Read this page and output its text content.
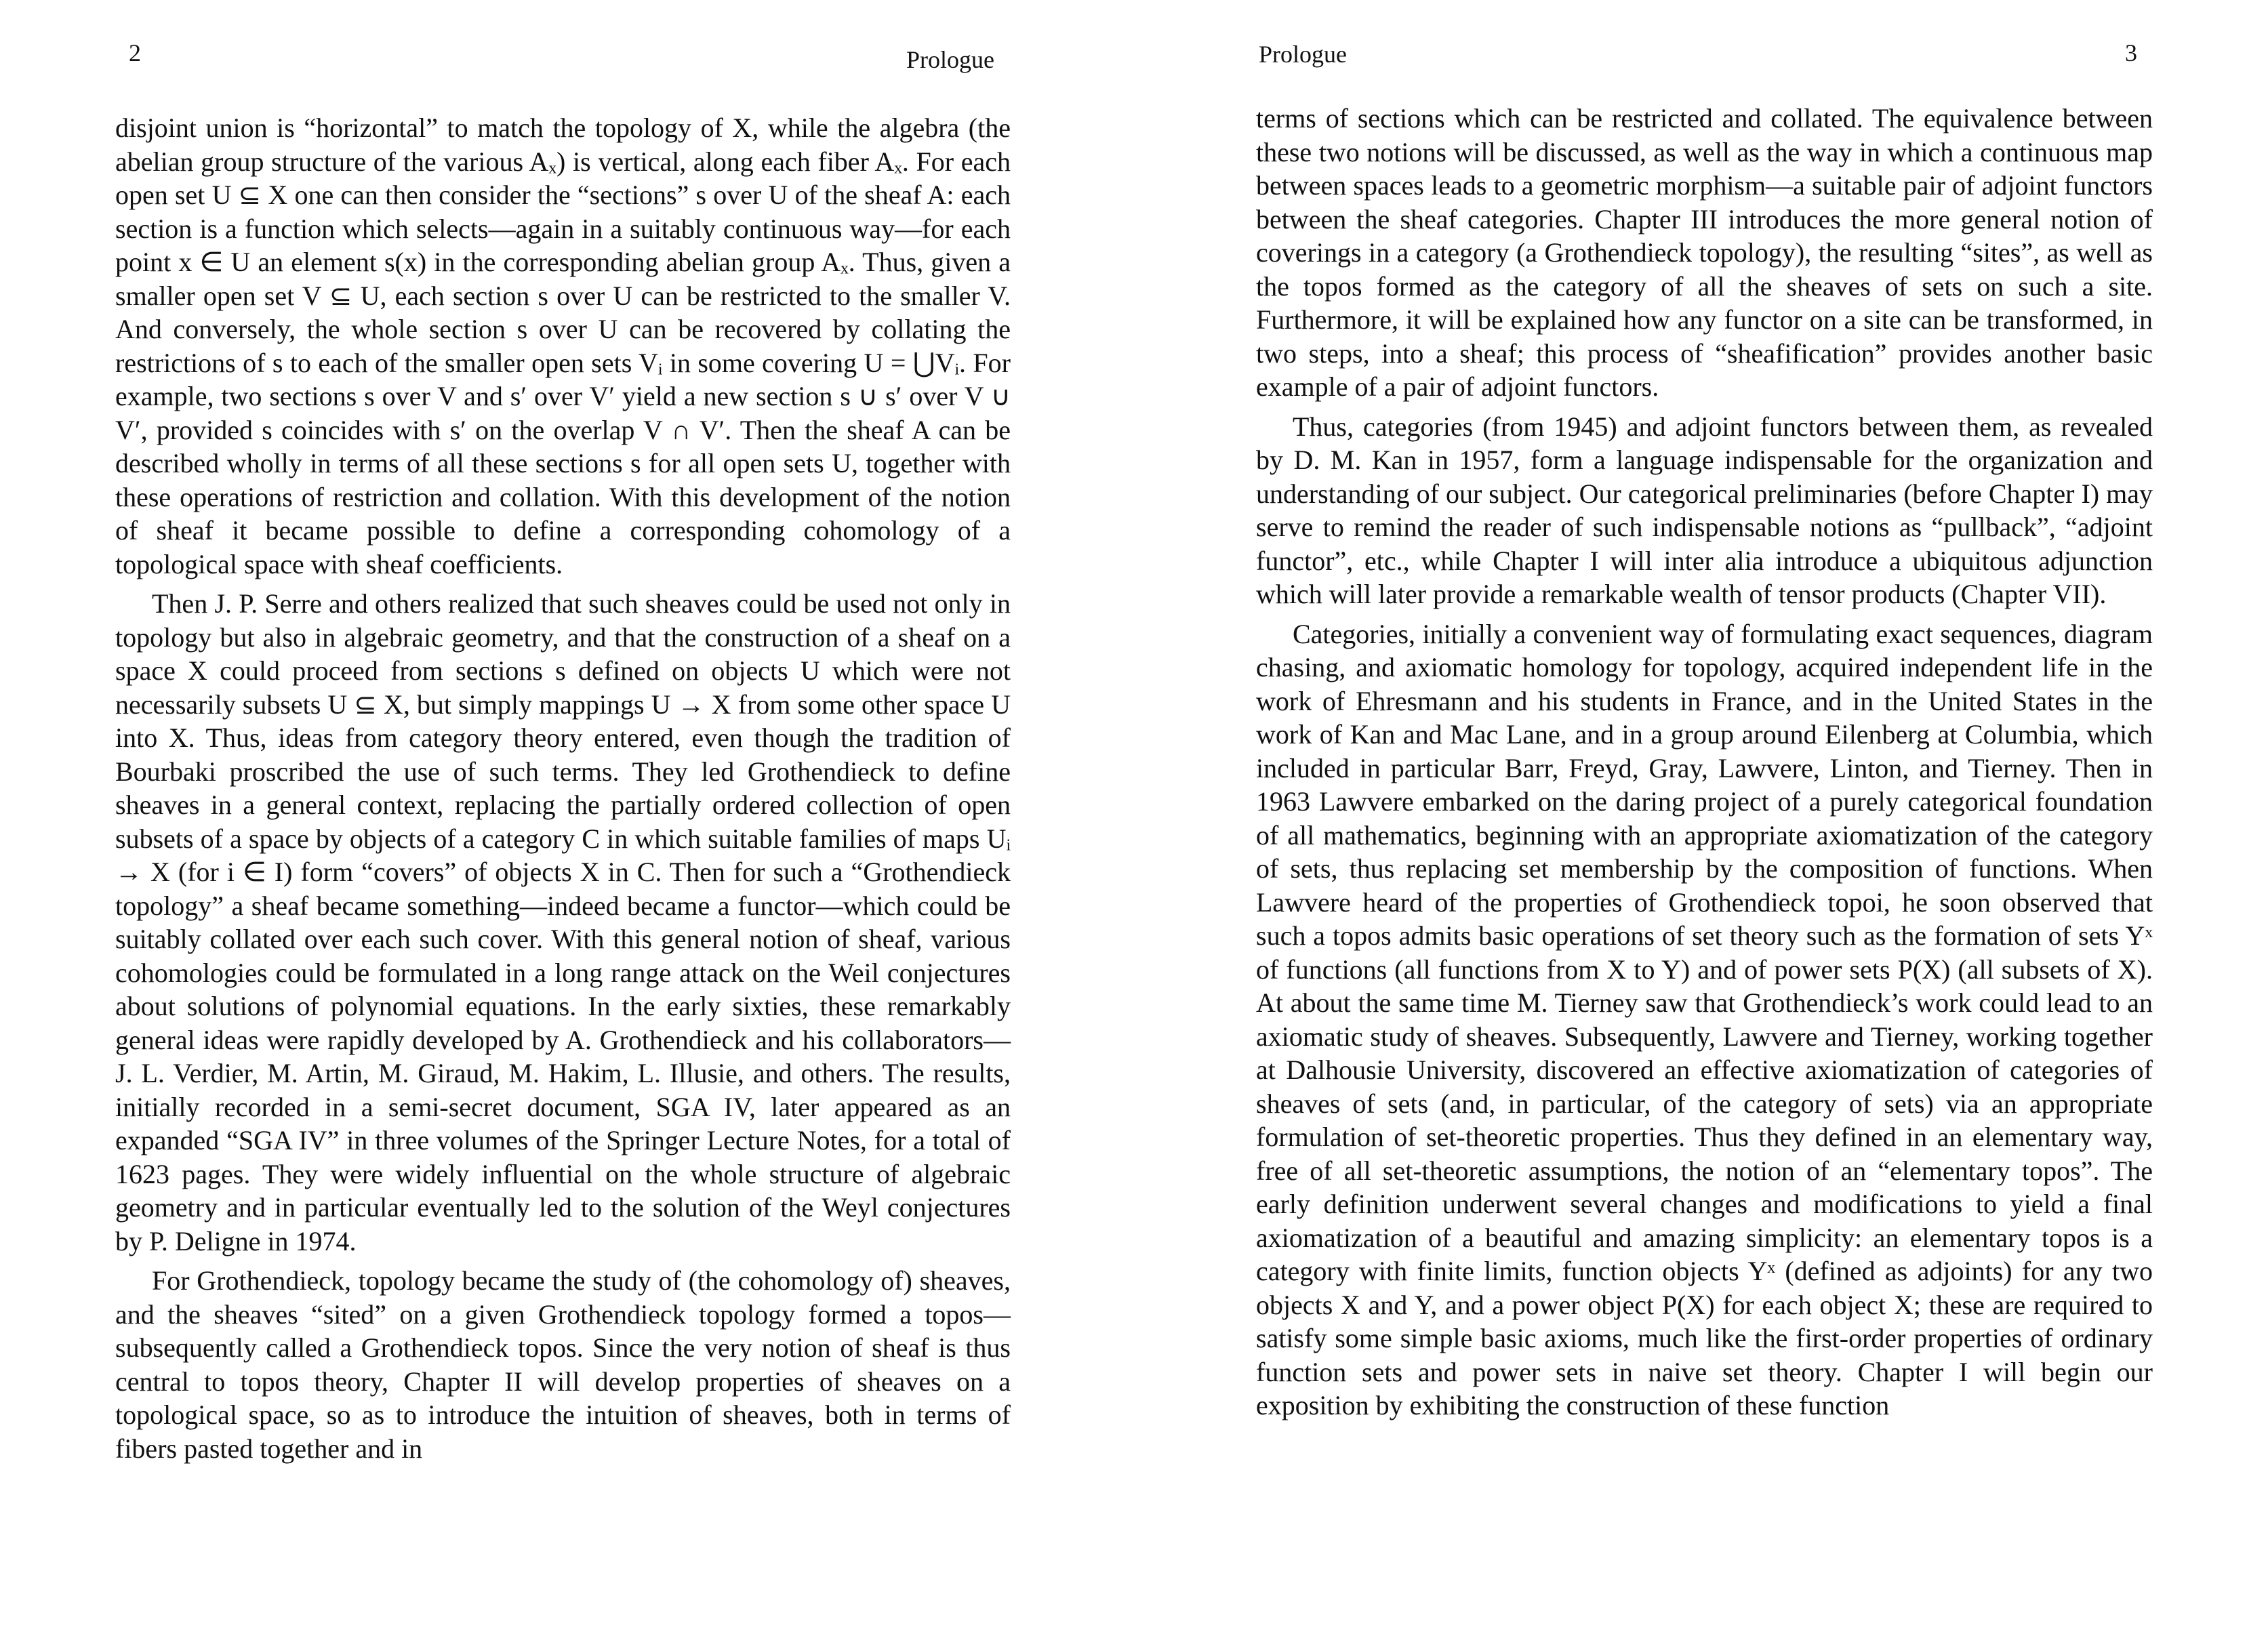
2	Prologue

disjoint union is “horizontal” to match the topology of X, while the algebra (the abelian group structure of the various Aₓ) is vertical, along each fiber Aₓ. For each open set U ⊆ X one can then consider the “sections” s over U of the sheaf A: each section is a function which selects—again in a suitably continuous way—for each point x ∈ U an element s(x) in the corresponding abelian group Aₓ. Thus, given a smaller open set V ⊆ U, each section s over U can be restricted to the smaller V. And conversely, the whole section s over U can be recovered by collating the restrictions of s to each of the smaller open sets Vᵢ in some covering U = ⋃Vᵢ. For example, two sections s over V and s′ over V′ yield a new section s ∪ s′ over V ∪ V′, provided s coincides with s′ on the overlap V ∩ V′. Then the sheaf A can be described wholly in terms of all these sections s for all open sets U, together with these operations of restriction and collation. With this development of the notion of sheaf it became possible to define a corresponding cohomology of a topological space with sheaf coefficients.

Then J. P. Serre and others realized that such sheaves could be used not only in topology but also in algebraic geometry, and that the construction of a sheaf on a space X could proceed from sections s defined on objects U which were not necessarily subsets U ⊆ X, but simply mappings U → X from some other space U into X. Thus, ideas from category theory entered, even though the tradition of Bourbaki proscribed the use of such terms. They led Grothendieck to define sheaves in a general context, replacing the partially ordered collection of open subsets of a space by objects of a category C in which suitable families of maps Uᵢ → X (for i ∈ I) form “covers” of objects X in C. Then for such a “Grothendieck topology” a sheaf became something—indeed became a functor—which could be suitably collated over each such cover. With this general notion of sheaf, various cohomologies could be formulated in a long range attack on the Weil conjectures about solutions of polynomial equations. In the early sixties, these remarkably general ideas were rapidly developed by A. Grothendieck and his collaborators—J. L. Verdier, M. Artin, M. Giraud, M. Hakim, L. Illusie, and others. The results, initially recorded in a semi-secret document, SGA IV, later appeared as an expanded “SGA IV” in three volumes of the Springer Lecture Notes, for a total of 1623 pages. They were widely influential on the whole structure of algebraic geometry and in particular eventually led to the solution of the Weyl conjectures by P. Deligne in 1974.

For Grothendieck, topology became the study of (the cohomology of) sheaves, and the sheaves “sited” on a given Grothendieck topology formed a topos—subsequently called a Grothendieck topos. Since the very notion of sheaf is thus central to topos theory, Chapter II will develop properties of sheaves on a topological space, so as to introduce the intuition of sheaves, both in terms of fibers pasted together and in

Prologue	3

terms of sections which can be restricted and collated. The equivalence between these two notions will be discussed, as well as the way in which a continuous map between spaces leads to a geometric morphism—a suitable pair of adjoint functors between the sheaf categories. Chapter III introduces the more general notion of coverings in a category (a Grothendieck topology), the resulting “sites”, as well as the topos formed as the category of all the sheaves of sets on such a site. Furthermore, it will be explained how any functor on a site can be transformed, in two steps, into a sheaf; this process of “sheafification” provides another basic example of a pair of adjoint functors.

Thus, categories (from 1945) and adjoint functors between them, as revealed by D. M. Kan in 1957, form a language indispensable for the organization and understanding of our subject. Our categorical preliminaries (before Chapter I) may serve to remind the reader of such indispensable notions as “pullback”, “adjoint functor”, etc., while Chapter I will inter alia introduce a ubiquitous adjunction which will later provide a remarkable wealth of tensor products (Chapter VII).

Categories, initially a convenient way of formulating exact sequences, diagram chasing, and axiomatic homology for topology, acquired independent life in the work of Ehresmann and his students in France, and in the United States in the work of Kan and Mac Lane, and in a group around Eilenberg at Columbia, which included in particular Barr, Freyd, Gray, Lawvere, Linton, and Tierney. Then in 1963 Lawvere embarked on the daring project of a purely categorical foundation of all mathematics, beginning with an appropriate axiomatization of the category of sets, thus replacing set membership by the composition of functions. When Lawvere heard of the properties of Grothendieck topoi, he soon observed that such a topos admits basic operations of set theory such as the formation of sets Yˣ of functions (all functions from X to Y) and of power sets P(X) (all subsets of X). At about the same time M. Tierney saw that Grothendieck’s work could lead to an axiomatic study of sheaves. Subsequently, Lawvere and Tierney, working together at Dalhousie University, discovered an effective axiomatization of categories of sheaves of sets (and, in particular, of the category of sets) via an appropriate formulation of set-theoretic properties. Thus they defined in an elementary way, free of all set-theoretic assumptions, the notion of an “elementary topos”. The early definition underwent several changes and modifications to yield a final axiomatization of a beautiful and amazing simplicity: an elementary topos is a category with finite limits, function objects Yˣ (defined as adjoints) for any two objects X and Y, and a power object P(X) for each object X; these are required to satisfy some simple basic axioms, much like the first-order properties of ordinary function sets and power sets in naive set theory. Chapter I will begin our exposition by exhibiting the construction of these function
